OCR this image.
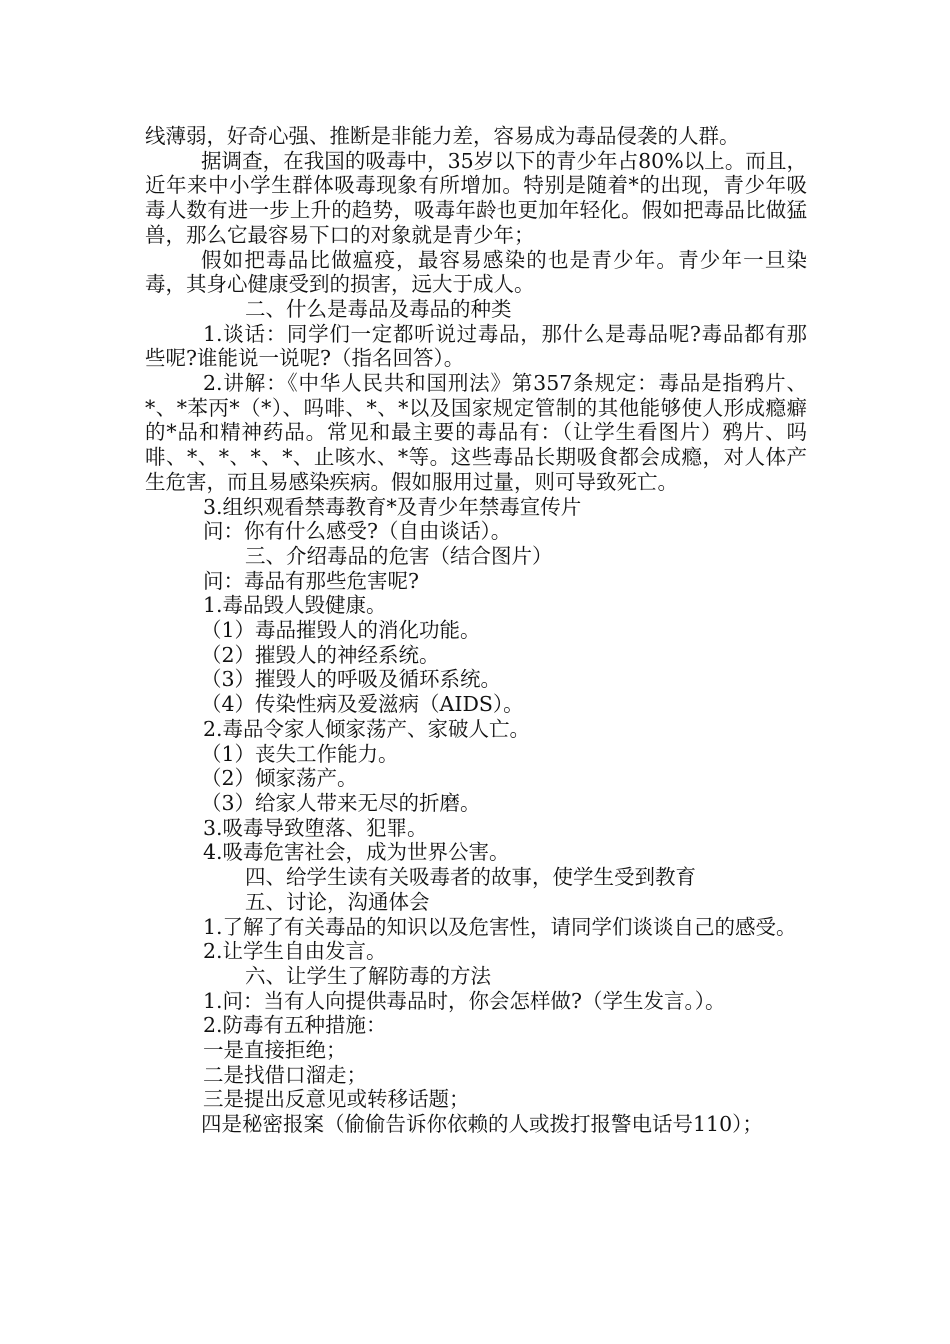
线薄弱，好奇心强、推断是非能力差，容易成为毒品侵袭的人群。

据调查，在我国的吸毒中，35岁以下的青少年占80%以上。而且，近年来中小学生群体吸毒现象有所增加。特别是随着*的出现，青少年吸毒人数有进一步上升的趋势，吸毒年龄也更加年轻化。假如把毒品比做猛兽，那么它最容易下口的对象就是青少年；

假如把毒品比做瘟疫，最容易感染的也是青少年。青少年一旦染毒，其身心健康受到的损害，远大于成人。

二、什么是毒品及毒品的种类

1.谈话：同学们一定都听说过毒品，那什么是毒品呢?毒品都有那些呢?谁能说一说呢?（指名回答）。

2.讲解：《中华人民共和国刑法》第357条规定：毒品是指鸦片、*、*苯丙*（*）、吗啡、*、*以及国家规定管制的其他能够使人形成瘾癖的*品和精神药品。常见和最主要的毒品有：（让学生看图片）鸦片、吗啡、*、*、*、*、止咳水、*等。这些毒品长期吸食都会成瘾，对人体产生危害，而且易感染疾病。假如服用过量，则可导致死亡。

3.组织观看禁毒教育*及青少年禁毒宣传片

问：你有什么感受?（自由谈话）。

三、介绍毒品的危害（结合图片）

问：毒品有那些危害呢?

1.毒品毁人毁健康。

（1）毒品摧毁人的消化功能。

（2）摧毁人的神经系统。

（3）摧毁人的呼吸及循环系统。

（4）传染性病及爱滋病（AIDS）。

2.毒品令家人倾家荡产、家破人亡。

（1）丧失工作能力。

（2）倾家荡产。

（3）给家人带来无尽的折磨。

3.吸毒导致堕落、犯罪。

4.吸毒危害社会，成为世界公害。

四、给学生读有关吸毒者的故事，使学生受到教育

五、讨论，沟通体会

1.了解了有关毒品的知识以及危害性，请同学们谈谈自己的感受。

2.让学生自由发言。

六、让学生了解防毒的方法

1.问：当有人向提供毒品时，你会怎样做?（学生发言。）。

2.防毒有五种措施：

一是直接拒绝；

二是找借口溜走；

三是提出反意见或转移话题；

四是秘密报案（偷偷告诉你依赖的人或拨打报警电话号110）；
